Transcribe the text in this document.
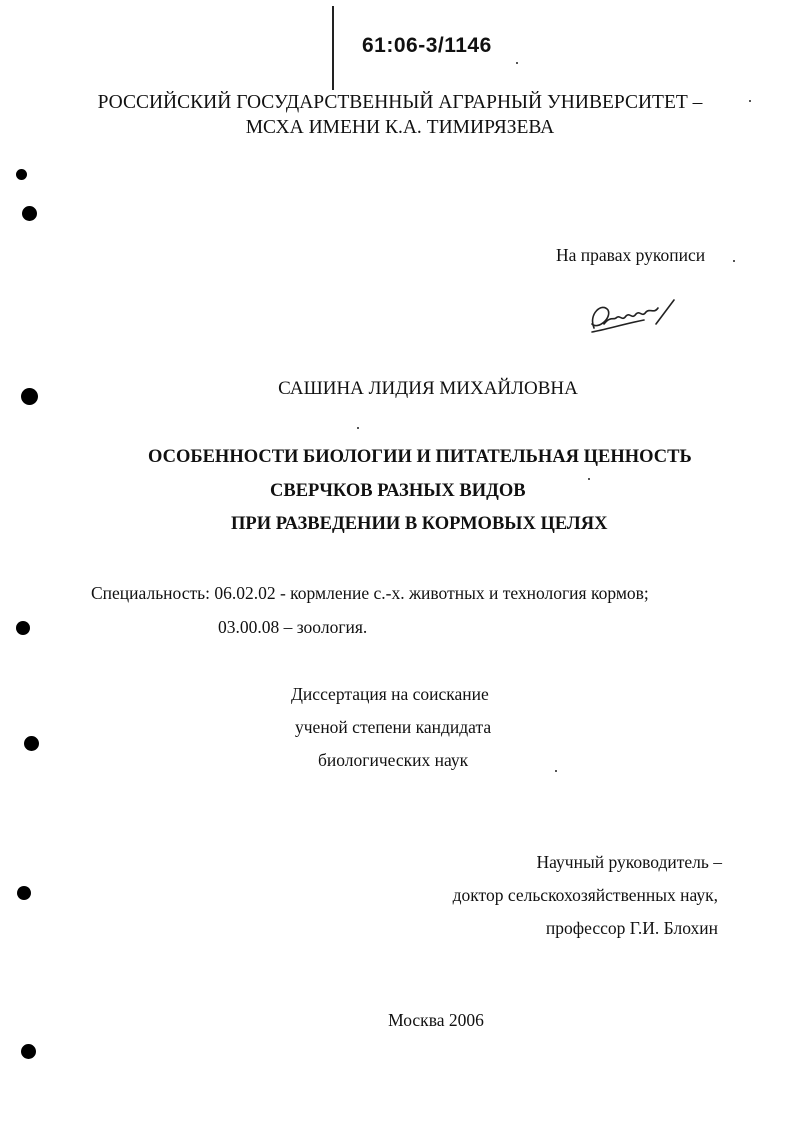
61:06-3/1146
РОССИЙСКИЙ ГОСУДАРСТВЕННЫЙ АГРАРНЫЙ УНИВЕРСИТЕТ –
МСХА ИМЕНИ К.А. ТИМИРЯЗЕВА
На правах рукописи
САШИНА ЛИДИЯ МИХАЙЛОВНА
ОСОБЕННОСТИ БИОЛОГИИ И ПИТАТЕЛЬНАЯ ЦЕННОСТЬ
СВЕРЧКОВ РАЗНЫХ ВИДОВ
ПРИ РАЗВЕДЕНИИ В КОРМОВЫХ ЦЕЛЯХ
Специальность: 06.02.02 - кормление с.-х. животных и технология кормов;
03.00.08 – зоология.
Диссертация на соискание
ученой степени кандидата
биологических наук
Научный руководитель –
доктор сельскохозяйственных наук,
профессор Г.И. Блохин
Москва 2006
